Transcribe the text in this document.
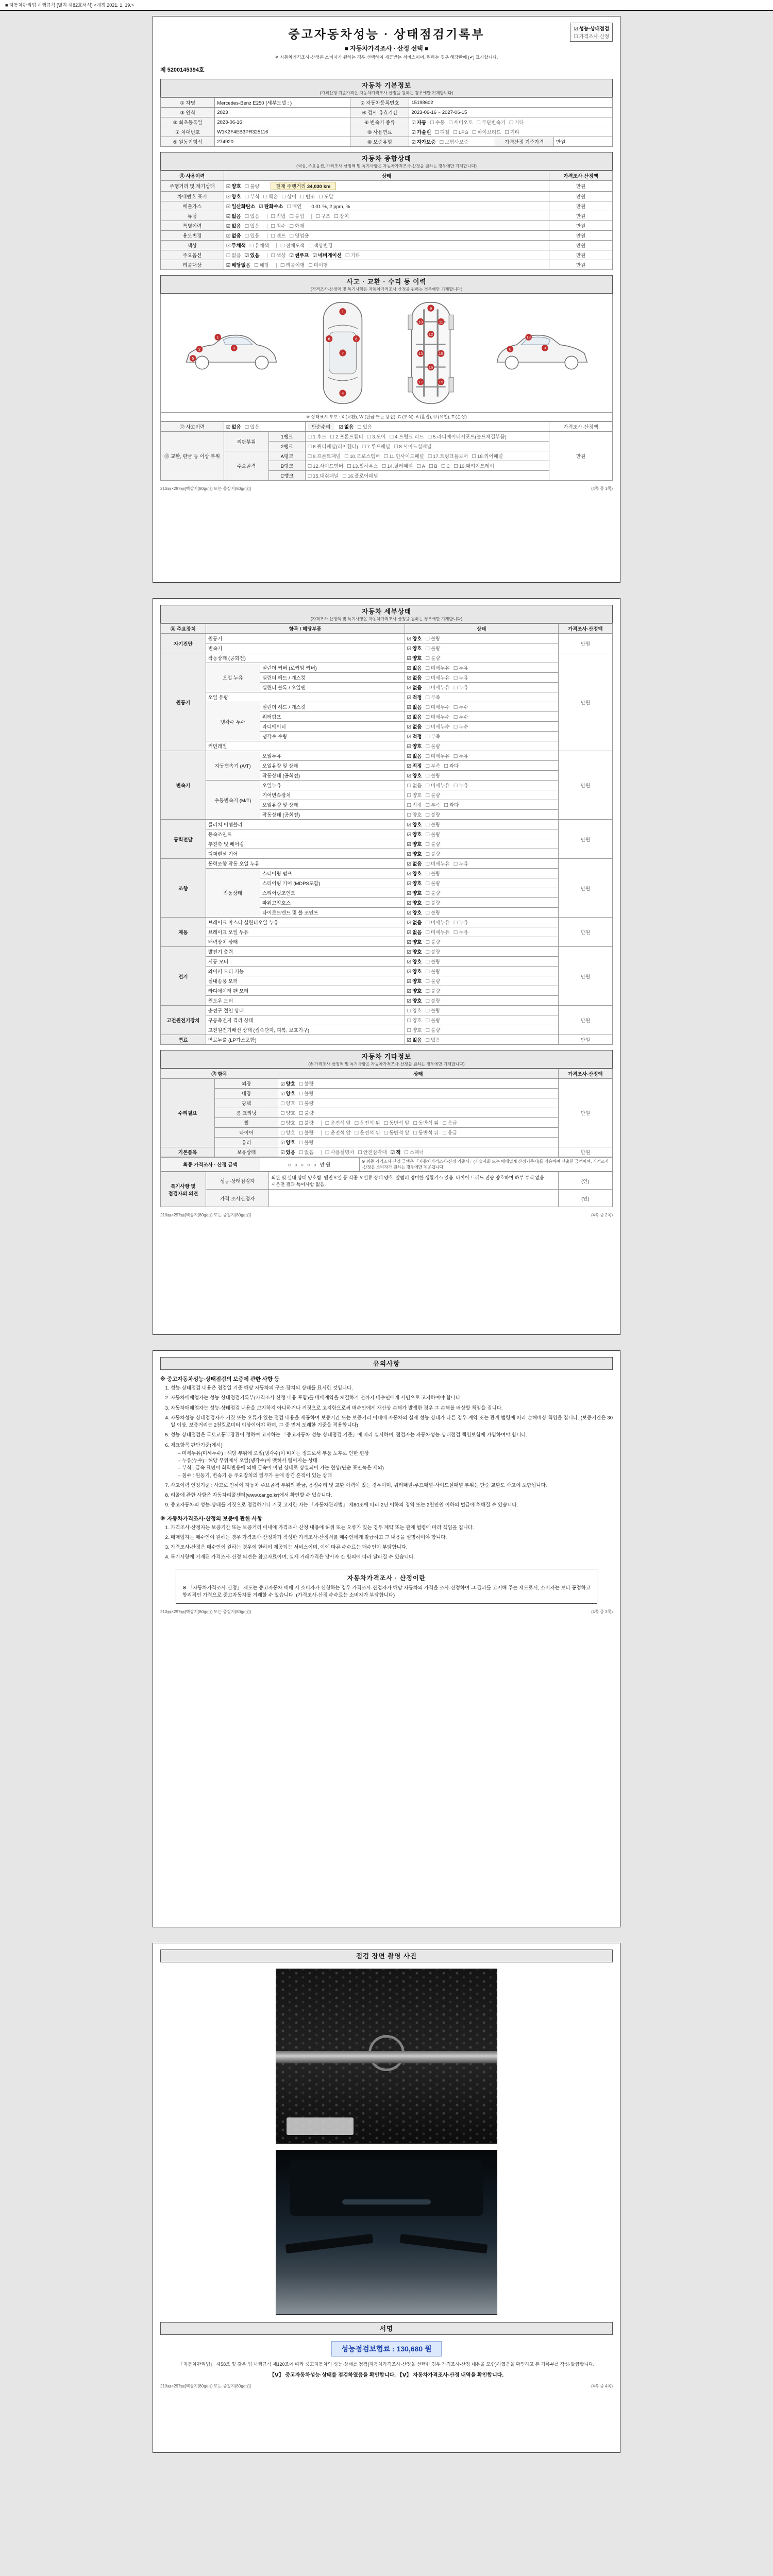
■ 자동차관리법 시행규칙 [별지 제82호서식] <개정 2021. 1. 19.>
☑ 성능·상태점검
☐ 가격조사·산정
중고자동차성능 · 상태점검기록부
■ 자동차가격조사 · 산정 선택 ■
※ 자동차가격조사·산정은 소비자가 원하는 경우 선택하여 제공받는 서비스이며, 원하는 경우 해당란에 [✔] 표시합니다.
제 5200145394호
자동차 기본정보
(가격산정 기준가격은 자동차가격조사·산정을 원하는 경우에만 기재합니다)
① 차명	Mercedes-Benz E250 (세부모델 : )	② 자동차등록번호	15198602		
③ 연식	2023	④ 검사 유효기간	2023-06-16 ~ 2027-06-15		
⑤ 최초등록일	2023-06-16	⑥ 변속기 종류	☑ 자동 ☐ 수동 ☐ 세미오토 ☐ 무단변속기 ☐ 기타		
⑦ 차대번호	W1K2F4EB3PR325116	⑧ 사용연료	☑ 가솔린 ☐ 디젤 ☐ LPG ☐ 하이브리드 ☐ 기타		
⑨ 원동기형식	274920	⑩ 보증유형	☑ 자가보증 ☐ 보험사보증	가격산정 기준가격	만원
자동차 종합상태
(색상, 주요옵션, 가격조사·산정액 및 특기사항은 자동차가격조사·산정을 원하는 경우에만 기재합니다)
⑪ 사용이력	상태	가격조사·산정액
주행거리 및 계기상태	☑ 양호 ☐ 불량 현재 주행거리 34,030 km	만원
차대번호 표기	☑ 양호 ☐ 부식 ☐ 훼손 ☐ 상이 ☐ 변조 ☐ 도말	만원
배출가스	☑ 일산화탄소 ☑ 탄화수소 ☐ 매연 0.01 %, 2 ppm, %	만원
튜닝	☑ 없음 ☐ 있음 ☐ 적법 ☐ 불법 ☐ 구조 ☐ 장치	만원
특별이력	☑ 없음 ☐ 있음 ☐ 침수 ☐ 화재	만원
용도변경	☑ 없음 ☐ 있음 ☐ 렌트 ☐ 영업용	만원
색상	☑ 무채색 ☐ 유채색 ☐ 전체도색 ☐ 색상변경	만원
주요옵션	☐ 없음 ☑ 있음 ☐ 색상 ☑ 썬루프 ☑ 네비게이션 ☐ 기타	만원
리콜대상	☑ 해당없음 ☐ 해당 ☐ 리콜이행 ☐ 미이행	만원
사고 · 교환 · 수리 등 이력
(가격조사·산정액 및 특기사항은 자동차가격조사·산정을 원하는 경우에만 기재합니다)
1
2	3
5
1
7
4
6	8
9
10	11
12
13	15
16
17	19
18
6	3
※ 상태표시 부호 : X (교환), W (판금 또는 용접), C (부식), A (흠집), U (요철), T (손상)
⑫ 사고이력	☑ 없음 ☐ 있음		단순수리 ☑ 없음 ☐ 있음	가격조사·산정액
⑬ 교환, 판금 등 이상 부위	외판부위	1랭크	☐ 1.후드 ☐ 2.프론트휀더 ☐ 3.도어 ☐ 4.트렁크 리드 ☐ 5.라디에이터서포트(볼트체결부품)	만원
		2랭크	☐ 6.쿼터패널(리어휀더) ☐ 7.루프패널 ☐ 8.사이드실패널	
	주요골격	A랭크	☐ 9.프론트패널 ☐ 10.크로스멤버 ☐ 11.인사이드패널 ☐ 17.트렁크플로어 ☐ 18.리어패널	
		B랭크	☐ 12.사이드멤버 ☐ 13.휠하우스 ☐ 14.필러패널 ☐ A ☐ B ☐ C ☐ 19.패키지트레이	
		C랭크	☐ 15.대쉬패널 ☐ 16.플로어패널	
210㎜×297㎜[백상지(80g/㎡) 또는 중질지(80g/㎡)]	(4쪽 중 1쪽)
자동차 세부상태
(가격조사·산정액 및 특기사항은 자동차가격조사·산정을 원하는 경우에만 기재합니다)
⑭ 주요장치	항목 / 해당부품		상태	가격조사·산정액
자기진단	원동기		☑ 양호 ☐ 불량	만원
	변속기		☑ 양호 ☐ 불량	
원동기	작동상태 (공회전)		☑ 양호 ☐ 불량	만원
	오일 누유	실린더 커버 (로커암 커버)	☑ 없음 ☐ 미세누유 ☐ 누유	
		실린더 헤드 / 개스킷	☑ 없음 ☐ 미세누유 ☐ 누유	
		실린더 블록 / 오일팬	☑ 없음 ☐ 미세누유 ☐ 누유	
	오일 유량		☑ 적정 ☐ 부족	
	냉각수 누수	실린더 헤드 / 개스킷	☑ 없음 ☐ 미세누수 ☐ 누수	
		워터펌프	☑ 없음 ☐ 미세누수 ☐ 누수	
		라디에이터	☑ 없음 ☐ 미세누수 ☐ 누수	
		냉각수 수량	☑ 적정 ☐ 부족	
	커먼레일		☑ 양호 ☐ 불량	
변속기	자동변속기 (A/T)	오일누유	☑ 없음 ☐ 미세누유 ☐ 누유	만원
		오일유량 및 상태	☑ 적정 ☐ 부족 ☐ 과다	
		작동상태 (공회전)	☑ 양호 ☐ 불량	
	수동변속기 (M/T)	오일누유	☐ 없음 ☐ 미세누유 ☐ 누유	
		기어변속장치	☐ 양호 ☐ 불량	
		오일유량 및 상태	☐ 적정 ☐ 부족 ☐ 과다	
		작동상태 (공회전)	☐ 양호 ☐ 불량	
동력전달	클러치 어셈블리		☑ 양호 ☐ 불량	만원
	등속조인트		☑ 양호 ☐ 불량	
	추진축 및 베어링		☑ 양호 ☐ 불량	
	디퍼렌셜 기어		☑ 양호 ☐ 불량	
조향	동력조향 작동 오일 누유		☑ 없음 ☐ 미세누유 ☐ 누유	만원
	작동상태	스티어링 펌프	☑ 양호 ☐ 불량	
		스티어링 기어 (MDPS포함)	☑ 양호 ☐ 불량	
		스티어링조인트	☑ 양호 ☐ 불량	
		파워고압호스	☑ 양호 ☐ 불량	
		타이로드엔드 및 볼 조인트	☑ 양호 ☐ 불량	
제동	브레이크 마스터 실린더오일 누유		☑ 없음 ☐ 미세누유 ☐ 누유	만원
	브레이크 오일 누유		☑ 없음 ☐ 미세누유 ☐ 누유	
	배력장치 상태		☑ 양호 ☐ 불량	
전기	발전기 출력		☑ 양호 ☐ 불량	만원
	시동 모터		☑ 양호 ☐ 불량	
	와이퍼 모터 기능		☑ 양호 ☐ 불량	
	실내송풍 모터		☑ 양호 ☐ 불량	
	라디에이터 팬 모터		☑ 양호 ☐ 불량	
	윈도우 모터		☑ 양호 ☐ 불량	
고전원전기장치	충전구 절연 상태		☐ 양호 ☐ 불량	만원
	구동축전지 격리 상태		☐ 양호 ☐ 불량	
	고전원전기배선 상태 (접속단자, 피복, 보호기구)		☐ 양호 ☐ 불량	
연료	연료누출 (LP가스포함)		☑ 없음 ☐ 있음	만원
자동차 기타정보
(※ 가격조사·산정액 및 특기사항은 자동차가격조사·산정을 원하는 경우에만 기재합니다)
⑮ 항목		상태	가격조사·산정액
수리필요	외장	☑ 양호 ☐ 불량	만원
	내장	☑ 양호 ☐ 불량	
	광택	☐ 양호 ☐ 불량	
	룸 크리닝	☐ 양호 ☐ 불량	
	휠	☐ 양호 ☐ 불량 ☐ 운전석 앞 ☐ 운전석 뒤 ☐ 동반석 앞 ☐ 동반석 뒤 ☐ 응급	
	타이어	☐ 양호 ☐ 불량 ☐ 운전석 앞 ☐ 운전석 뒤 ☐ 동반석 앞 ☐ 동반석 뒤 ☐ 응급	
	유리	☑ 양호 ☐ 불량	
기본품목	보유상태	☑ 있음 ☐ 없음 ☐ 사용설명서 ☐ 안전삼각대 ☑ 잭 ☐ 스패너	만원
최종 가격조사 · 산정 금액	○ ○ ○ ○ ○ 만원	※ 최종 가격조사·산정 금액은 「자동차가격조사·산정 기준서」(기술사회 또는 매매업계 산정기준서)를 적용하여 산출한 금액이며, 가격조사·산정은 소비자가 원하는 경우에만 제공됩니다.
특기사항 및 점검자의 의견	성능·상태점검자	외판 및 실내 상태 양호함. 엔진오일 등 각종 오일류 상태 양호. 앞범퍼 경미한 생활기스 있음. 타이어 트레드 잔량 양호하며 하부 부식 없음. 시운전 결과 특이사항 없음.	(인)
	가격·조사산정자		(인)
210㎜×297㎜[백상지(80g/㎡) 또는 중질지(80g/㎡)]	(4쪽 중 2쪽)
유의사항
※ 중고자동차성능·상태점검의 보증에 관한 사항 등
1. 성능·상태점검 내용은 점검일 기준 해당 자동차의 구조·장치의 상태를 표시한 것입니다.
2. 자동차매매업자는 성능·상태점검기록부(가격조사·산정 내용 포함)를 매매계약을 체결하기 전까지 매수인에게 서면으로 고지하여야 합니다.
3. 자동차매매업자는 성능·상태점검 내용을 고지하지 아니하거나 거짓으로 고지함으로써 매수인에게 재산상 손해가 발생한 경우 그 손해를 배상할 책임을 집니다.
4. 자동차성능·상태점검자가 거짓 또는 오류가 있는 점검 내용을 제공하여 보증기간 또는 보증거리 이내에 자동차의 실제 성능·상태가 다른 경우 계약 또는 관계 법령에 따라 손해배상 책임을 집니다. (보증기간은 30일 이상, 보증거리는 2천킬로미터 이상이어야 하며, 그 중 먼저 도래한 기준을 적용합니다)
5. 성능·상태점검은 국토교통부장관이 정하여 고시하는 「중고자동차 성능·상태점검 기준」에 따라 실시하며, 점검자는 자동차성능·상태점검 책임보험에 가입하여야 합니다.
6. 체크항목 판단기준(예시)
– 미세누유(미세누수) : 해당 부위에 오일(냉각수)이 비치는 정도로서 부품 노후로 인한 현상
– 누유(누수) : 해당 부위에서 오일(냉각수)이 맺혀서 떨어지는 상태
– 부식 : 금속 표면이 화학반응에 의해 금속이 아닌 상태로 상실되어 가는 현상(단순 표면녹은 제외)
– 침수 : 원동기, 변속기 등 주요장치의 일부가 물에 잠긴 흔적이 있는 상태
7. 사고이력 인정기준 : 사고로 인하여 자동차 주요골격 부위의 판금, 용접수리 및 교환 이력이 있는 경우이며, 쿼터패널·루프패널·사이드실패널 부위는 단순 교환도 사고에 포함됩니다.
8. 리콜에 관한 사항은 자동차리콜센터(www.car.go.kr)에서 확인할 수 있습니다.
9. 중고자동차의 성능·상태를 거짓으로 점검하거나 거짓 고지한 자는 「자동차관리법」 제80조에 따라 2년 이하의 징역 또는 2천만원 이하의 벌금에 처해질 수 있습니다.
※ 자동차가격조사·산정의 보증에 관한 사항
1. 가격조사·산정자는 보증기간 또는 보증거리 이내에 가격조사·산정 내용에 허위 또는 오류가 있는 경우 계약 또는 관계 법령에 따라 책임을 집니다.
2. 매매업자는 매수인이 원하는 경우 가격조사·산정자가 작성한 가격조사·산정서를 매수인에게 발급하고 그 내용을 설명하여야 합니다.
3. 가격조사·산정은 매수인이 원하는 경우에 한하여 제공되는 서비스이며, 이에 따른 수수료는 매수인이 부담합니다.
4. 특기사항에 기재된 가격조사·산정 의견은 참고자료이며, 실제 거래가격은 당사자 간 합의에 따라 달라질 수 있습니다.
자동차가격조사 · 산정이란
※ 「자동차가격조사·산정」 제도는 중고자동차 매매 시 소비자가 신청하는 경우 가격조사·산정자가 해당 자동차의 가격을 조사·산정하여 그 결과를 고지해 주는 제도로서, 소비자는 보다 공정하고 합리적인 가격으로 중고자동차를 거래할 수 있습니다. (가격조사·산정 수수료는 소비자가 부담합니다)
210㎜×297㎜[백상지(80g/㎡) 또는 중질지(80g/㎡)]	(4쪽 중 3쪽)
점검 장면 촬영 사진
서명
성능점검보험료 : 130,680 원
「자동차관리법」 제58조 및 같은 법 시행규칙 제120조에 따라 중고자동차의 성능·상태를 점검(자동차가격조사·산정을 선택한 경우 가격조사·산정 내용을 포함)하였음을 확인하고 본 기록부를 작성·발급합니다.
【Ⅴ】 중고자동차성능·상태를 점검하였음을 확인합니다. 【Ⅴ】 자동차가격조사·산정 내역을 확인합니다.
210㎜×297㎜[백상지(80g/㎡) 또는 중질지(80g/㎡)]	(4쪽 중 4쪽)
